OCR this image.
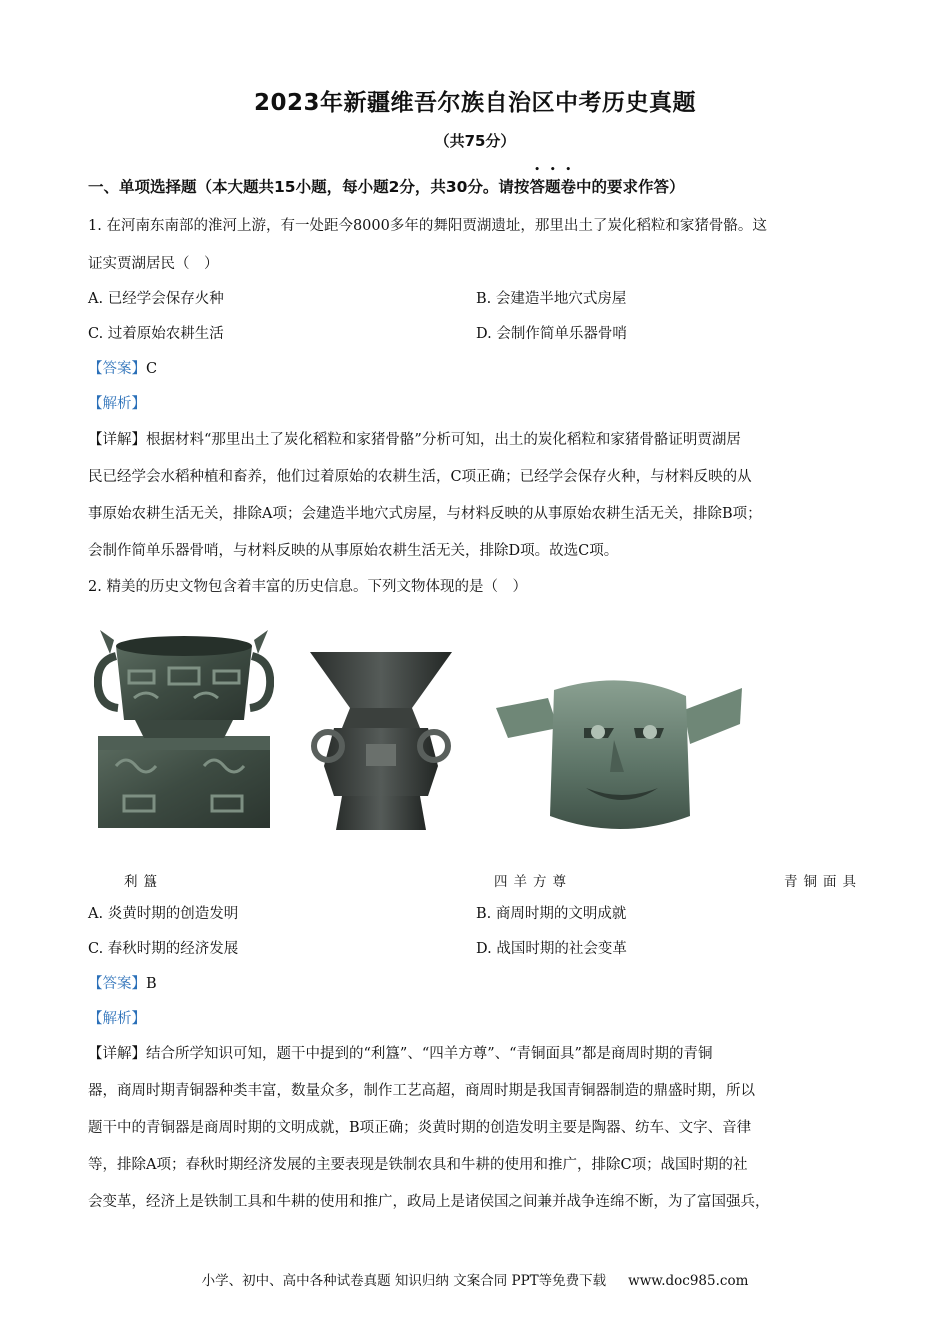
2023年新疆维吾尔族自治区中考历史真题
（共75分）
一、单项选择题（本大题共15小题，每小题2分，共30分。请按答题卷中的要求作答）
1. 在河南东南部的淮河上游，有一处距今8000多年的舞阳贾湖遗址，那里出土了炭化稻粒和家猪骨骼。这
证实贾湖居民（　）
A. 已经学会保存火种	B. 会建造半地穴式房屋
C. 过着原始农耕生活	D. 会制作简单乐器骨哨
【答案】C
【解析】
【详解】根据材料“那里出土了炭化稻粒和家猪骨骼”分析可知，出土的炭化稻粒和家猪骨骼证明贾湖居
民已经学会水稻种植和畜养，他们过着原始的农耕生活，C项正确；已经学会保存火种，与材料反映的从
事原始农耕生活无关，排除A项；会建造半地穴式房屋，与材料反映的从事原始农耕生活无关，排除B项；
会制作简单乐器骨哨，与材料反映的从事原始农耕生活无关，排除D项。故选C项。
2. 精美的历史文物包含着丰富的历史信息。下列文物体现的是（　）
利簋	四羊方尊	青铜面具
A. 炎黄时期的创造发明	B. 商周时期的文明成就
C. 春秋时期的经济发展	D. 战国时期的社会变革
【答案】B
【解析】
【详解】结合所学知识可知，题干中提到的“利簋”、“四羊方尊”、“青铜面具”都是商周时期的青铜
器，商周时期青铜器种类丰富，数量众多，制作工艺高超，商周时期是我国青铜器制造的鼎盛时期，所以
题干中的青铜器是商周时期的文明成就，B项正确；炎黄时期的创造发明主要是陶器、纺车、文字、音律
等，排除A项；春秋时期经济发展的主要表现是铁制农具和牛耕的使用和推广，排除C项；战国时期的社
会变革，经济上是铁制工具和牛耕的使用和推广，政局上是诸侯国之间兼并战争连绵不断，为了富国强兵，
小学、初中、高中各种试卷真题 知识归纳 文案合同 PPT等免费下载 www.doc985.com
